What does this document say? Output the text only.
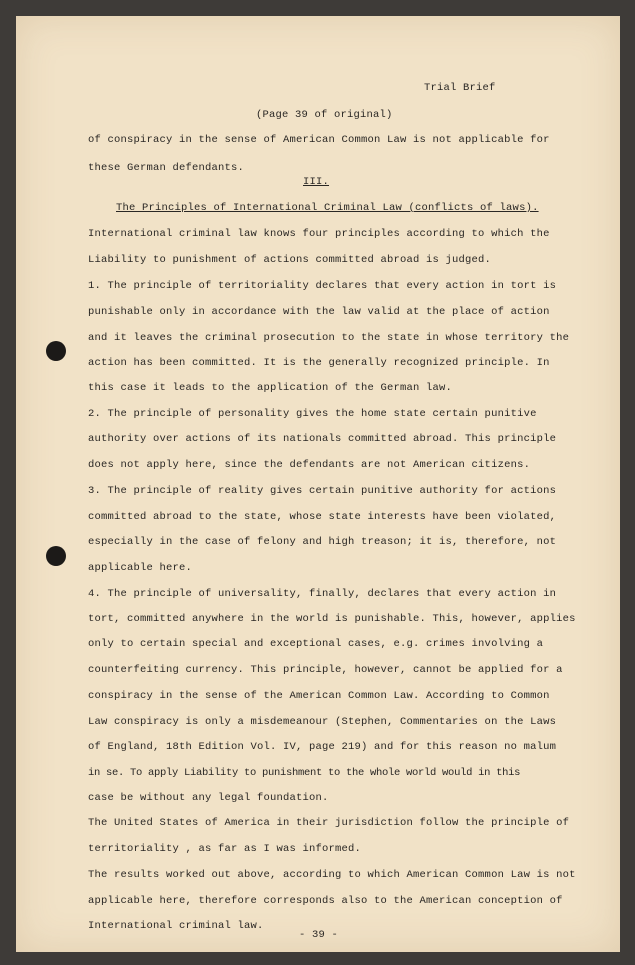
Trial Brief
(Page 39 of original)
of conspiracy in the sense of American Common Law is not applicable for
these German defendants.
III.
The Principles of International Criminal Law (conflicts of laws).
International criminal law knows four principles according to which the
Liability to punishment of actions committed abroad is judged.
1. The principle of territoriality declares that every action in tort is
punishable only in accordance with the law valid at the place of action
and it leaves the criminal prosecution to the state in whose territory the
action has been committed. It is the generally recognized principle. In
this case it leads to the application of the German law.
2. The principle of personality gives the home state certain punitive
authority over actions of its nationals committed abroad. This principle
does not apply here, since the defendants are not American citizens.
3. The principle of reality gives certain punitive authority for actions
committed abroad to the state, whose state interests have been violated,
especially in the case of felony and high treason; it is, therefore, not
applicable here.
4. The principle of universality, finally, declares that every action in
tort, committed anywhere in the world is punishable. This, however, applies
only to certain special and exceptional cases, e.g. crimes involving a
counterfeiting currency. This principle, however, cannot be applied for a
conspiracy in the sense of the American Common Law. According to Common
Law conspiracy is only a misdemeanour (Stephen, Commentaries on the Laws
of England, 18th Edition Vol. IV, page 219) and for this reason no malum
in se. To apply Liability to punishment to the whole world would in this
case be without any legal foundation.
The United States of America in their jurisdiction follow the principle of
territoriality , as far as I was informed.
The results worked out above, according to which American Common Law is not
applicable here, therefore corresponds also to the American conception of
International criminal law.
- 39 -
